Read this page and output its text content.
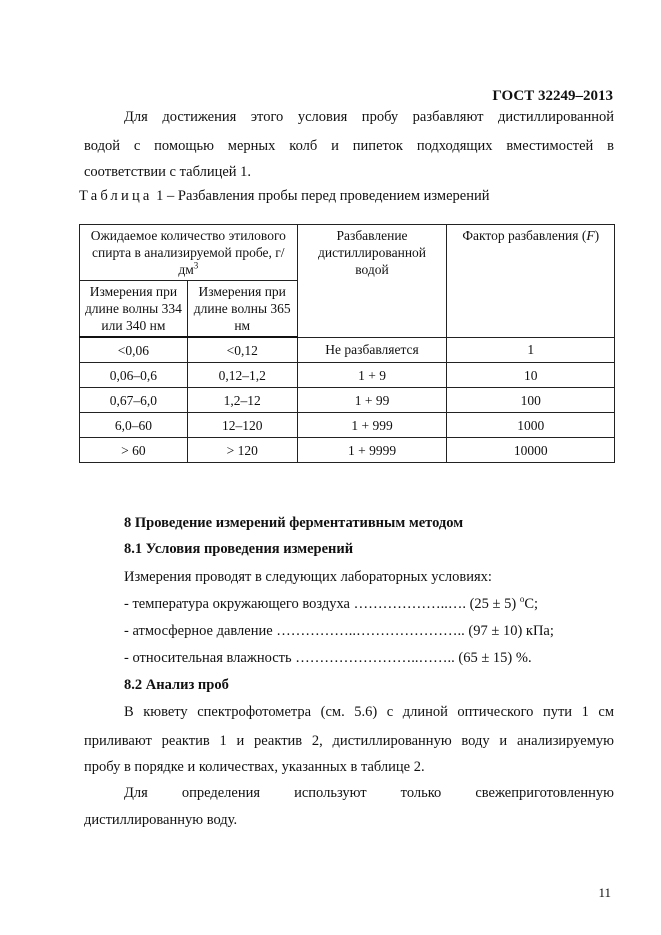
ГОСТ 32249–2013
Для достижения этого условия пробу разбавляют дистиллированной
водой с помощью мерных колб и пипеток подходящих вместимостей в
соответствии с таблицей 1.
Таблица 1 – Разбавления пробы перед проведением измерений
Ожидаемое количество этилового спирта в анализируемой пробе, $г/дм^3$		Разбавление дистиллированной водой	Фактор разбавления (F)
Измерения при длине волны 334 или 340 нм	Измерения при длине волны 365 нм		
<0,06	<0,12	Не разбавляется	1
0,06–0,6	0,12–1,2	1 + 9	10
0,67–6,0	1,2–12	1 + 99	100
6,0–60	12–120	1 + 999	1000
> 60	> 120	1 + 9999	10000
8 Проведение измерений ферментативным методом
8.1 Условия проведения измерений
Измерения проводят в следующих лабораторных условиях:
- температура окружающего воздуха ………………..…. (25 ± 5) $^о$С;
- атмосферное давление ……………..………………….. (97 ± 10) кПа;
- относительная влажность ……………………..…….. (65 ± 15) %.
8.2 Анализ проб
В кювету спектрофотометра (см. 5.6) с длиной оптического пути 1 см
приливают реактив 1 и реактив 2, дистиллированную воду и анализируемую
пробу в порядке и количествах, указанных в таблице 2.
Для определения используют только свежеприготовленную
дистиллированную воду.
11
